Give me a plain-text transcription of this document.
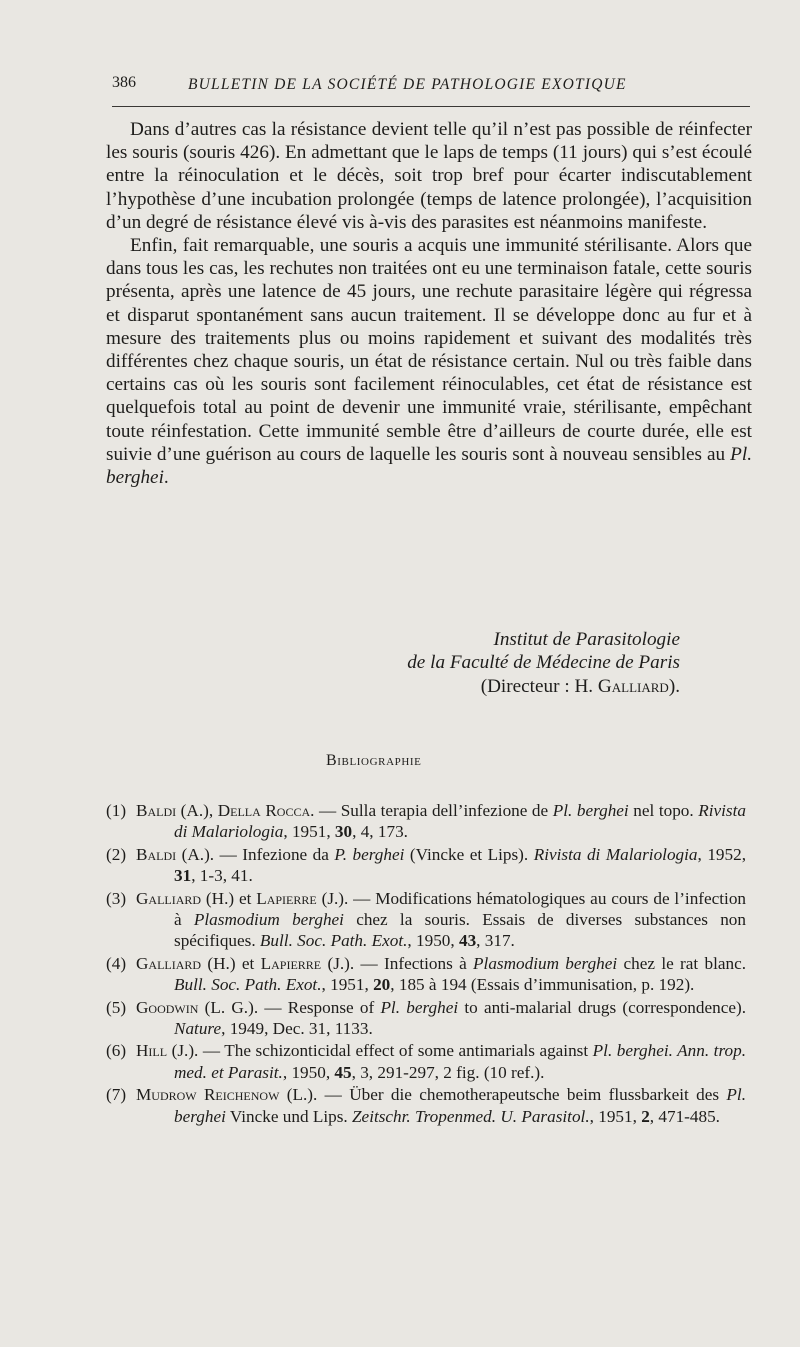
386	BULLETIN DE LA SOCIÉTÉ DE PATHOLOGIE EXOTIQUE

Dans d’autres cas la résistance devient telle qu’il n’est pas possible de réinfecter les souris (souris 426). En admettant que le laps de temps (11 jours) qui s’est écoulé entre la réinoculation et le décès, soit trop bref pour écarter indiscutablement l’hypothèse d’une incubation prolongée (temps de latence prolongée), l’acquisition d’un degré de résistance élevé vis à-vis des parasites est néanmoins manifeste.

Enfin, fait remarquable, une souris a acquis une immunité stérilisante. Alors que dans tous les cas, les rechutes non traitées ont eu une terminaison fatale, cette souris présenta, après une latence de 45 jours, une rechute parasitaire légère qui régressa et disparut spontanément sans aucun traitement. Il se développe donc au fur et à mesure des traitements plus ou moins rapidement et suivant des modalités très différentes chez chaque souris, un état de résistance certain. Nul ou très faible dans certains cas où les souris sont facilement réinoculables, cet état de résistance est quelquefois total au point de devenir une immunité vraie, stérilisante, empêchant toute réinfestation. Cette immunité semble être d’ailleurs de courte durée, elle est suivie d’une guérison au cours de laquelle les souris sont à nouveau sensibles au Pl. berghei.

Institut de Parasitologie
de la Faculté de Médecine de Paris
(Directeur : H. Galliard).
Bibliographie
(1) Baldi (A.), Della Rocca. — Sulla terapia dell’infezione de Pl. berghei nel topo. Rivista di Malariologia, 1951, 30, 4, 173.
(2) Baldi (A.). — Infezione da P. berghei (Vincke et Lips). Rivista di Malariologia, 1952, 31, 1-3, 41.
(3) Galliard (H.) et Lapierre (J.). — Modifications hématologiques au cours de l’infection à Plasmodium berghei chez la souris. Essais de diverses substances non spécifiques. Bull. Soc. Path. Exot., 1950, 43, 317.
(4) Galliard (H.) et Lapierre (J.). — Infections à Plasmodium berghei chez le rat blanc. Bull. Soc. Path. Exot., 1951, 20, 185 à 194 (Essais d’immunisation, p. 192).
(5) Goodwin (L. G.). — Response of Pl. berghei to anti-malarial drugs (correspondence). Nature, 1949, Dec. 31, 1133.
(6) Hill (J.). — The schizonticidal effect of some antimarials against Pl. berghei. Ann. trop. med. et Parasit., 1950, 45, 3, 291-297, 2 fig. (10 ref.).
(7) Mudrow Reichenow (L.). — Über die chemotherapeutsche beim flussbarkeit des Pl. berghei Vincke und Lips. Zeitschr. Tropenmed. U. Parasitol., 1951, 2, 471-485.
